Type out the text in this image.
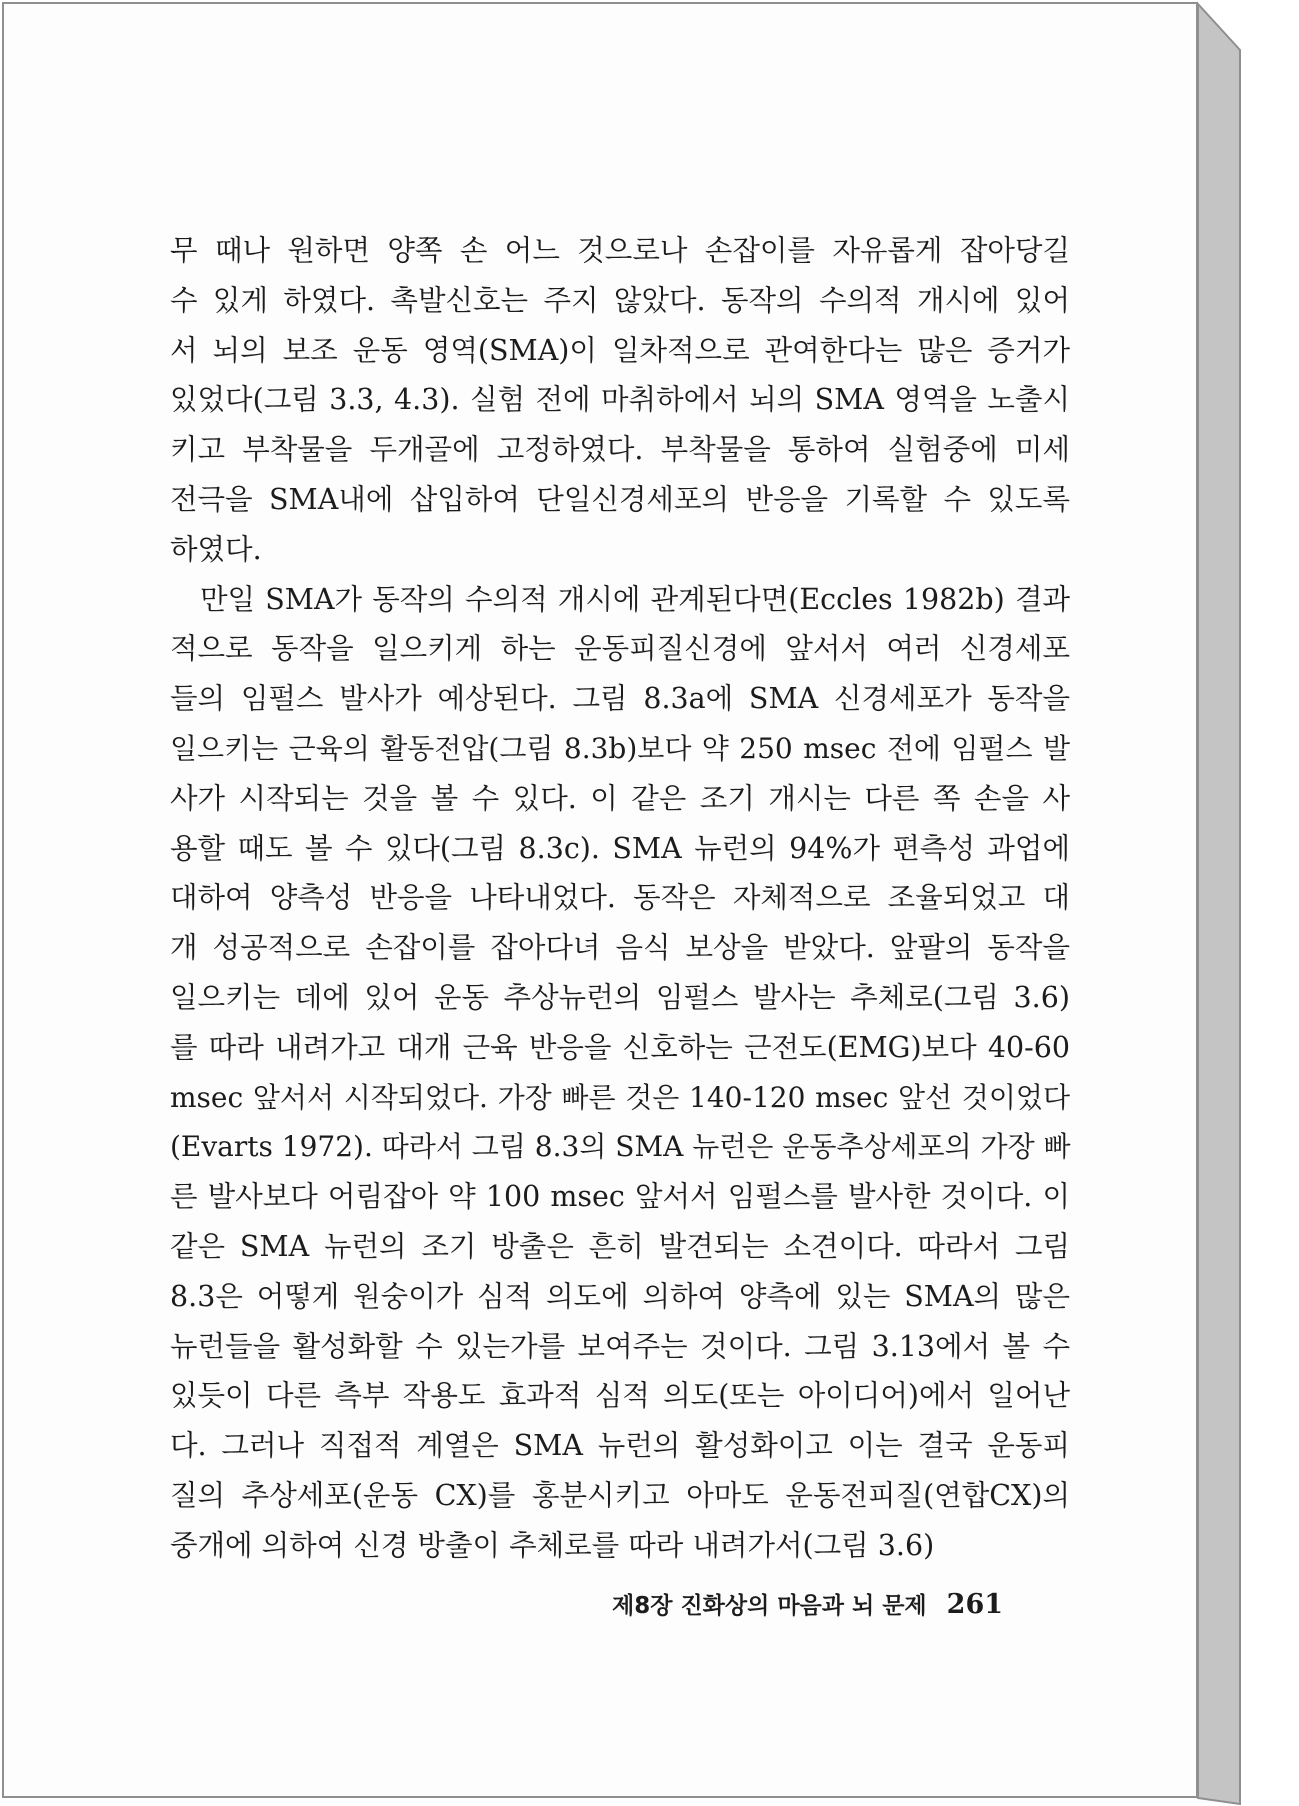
무 때나 원하면 양쪽 손 어느 것으로나 손잡이를 자유롭게 잡아당길
수 있게 하였다. 촉발신호는 주지 않았다. 동작의 수의적 개시에 있어
서 뇌의 보조 운동 영역(SMA)이 일차적으로 관여한다는 많은 증거가
있었다(그림 3.3, 4.3). 실험 전에 마취하에서 뇌의 SMA 영역을 노출시
키고 부착물을 두개골에 고정하였다. 부착물을 통하여 실험중에 미세
전극을 SMA내에 삽입하여 단일신경세포의 반응을 기록할 수 있도록
하였다.
만일 SMA가 동작의 수의적 개시에 관계된다면(Eccles 1982b) 결과
적으로 동작을 일으키게 하는 운동피질신경에 앞서서 여러 신경세포
들의 임펄스 발사가 예상된다. 그림 8.3a에 SMA 신경세포가 동작을
일으키는 근육의 활동전압(그림 8.3b)보다 약 250 msec 전에 임펄스 발
사가 시작되는 것을 볼 수 있다. 이 같은 조기 개시는 다른 쪽 손을 사
용할 때도 볼 수 있다(그림 8.3c). SMA 뉴런의 94%가 편측성 과업에
대하여 양측성 반응을 나타내었다. 동작은 자체적으로 조율되었고 대
개 성공적으로 손잡이를 잡아다녀 음식 보상을 받았다. 앞팔의 동작을
일으키는 데에 있어 운동 추상뉴런의 임펄스 발사는 추체로(그림 3.6)
를 따라 내려가고 대개 근육 반응을 신호하는 근전도(EMG)보다 40-60
msec 앞서서 시작되었다. 가장 빠른 것은 140-120 msec 앞선 것이었다
(Evarts 1972). 따라서 그림 8.3의 SMA 뉴런은 운동추상세포의 가장 빠
른 발사보다 어림잡아 약 100 msec 앞서서 임펄스를 발사한 것이다. 이
같은 SMA 뉴런의 조기 방출은 흔히 발견되는 소견이다. 따라서 그림
8.3은 어떻게 원숭이가 심적 의도에 의하여 양측에 있는 SMA의 많은
뉴런들을 활성화할 수 있는가를 보여주는 것이다. 그림 3.13에서 볼 수
있듯이 다른 측부 작용도 효과적 심적 의도(또는 아이디어)에서 일어난
다. 그러나 직접적 계열은 SMA 뉴런의 활성화이고 이는 결국 운동피
질의 추상세포(운동 CX)를 홍분시키고 아마도 운동전피질(연합CX)의
중개에 의하여 신경 방출이 추체로를 따라 내려가서(그림 3.6)
제8장 진화상의 마음과 뇌 문제 261
